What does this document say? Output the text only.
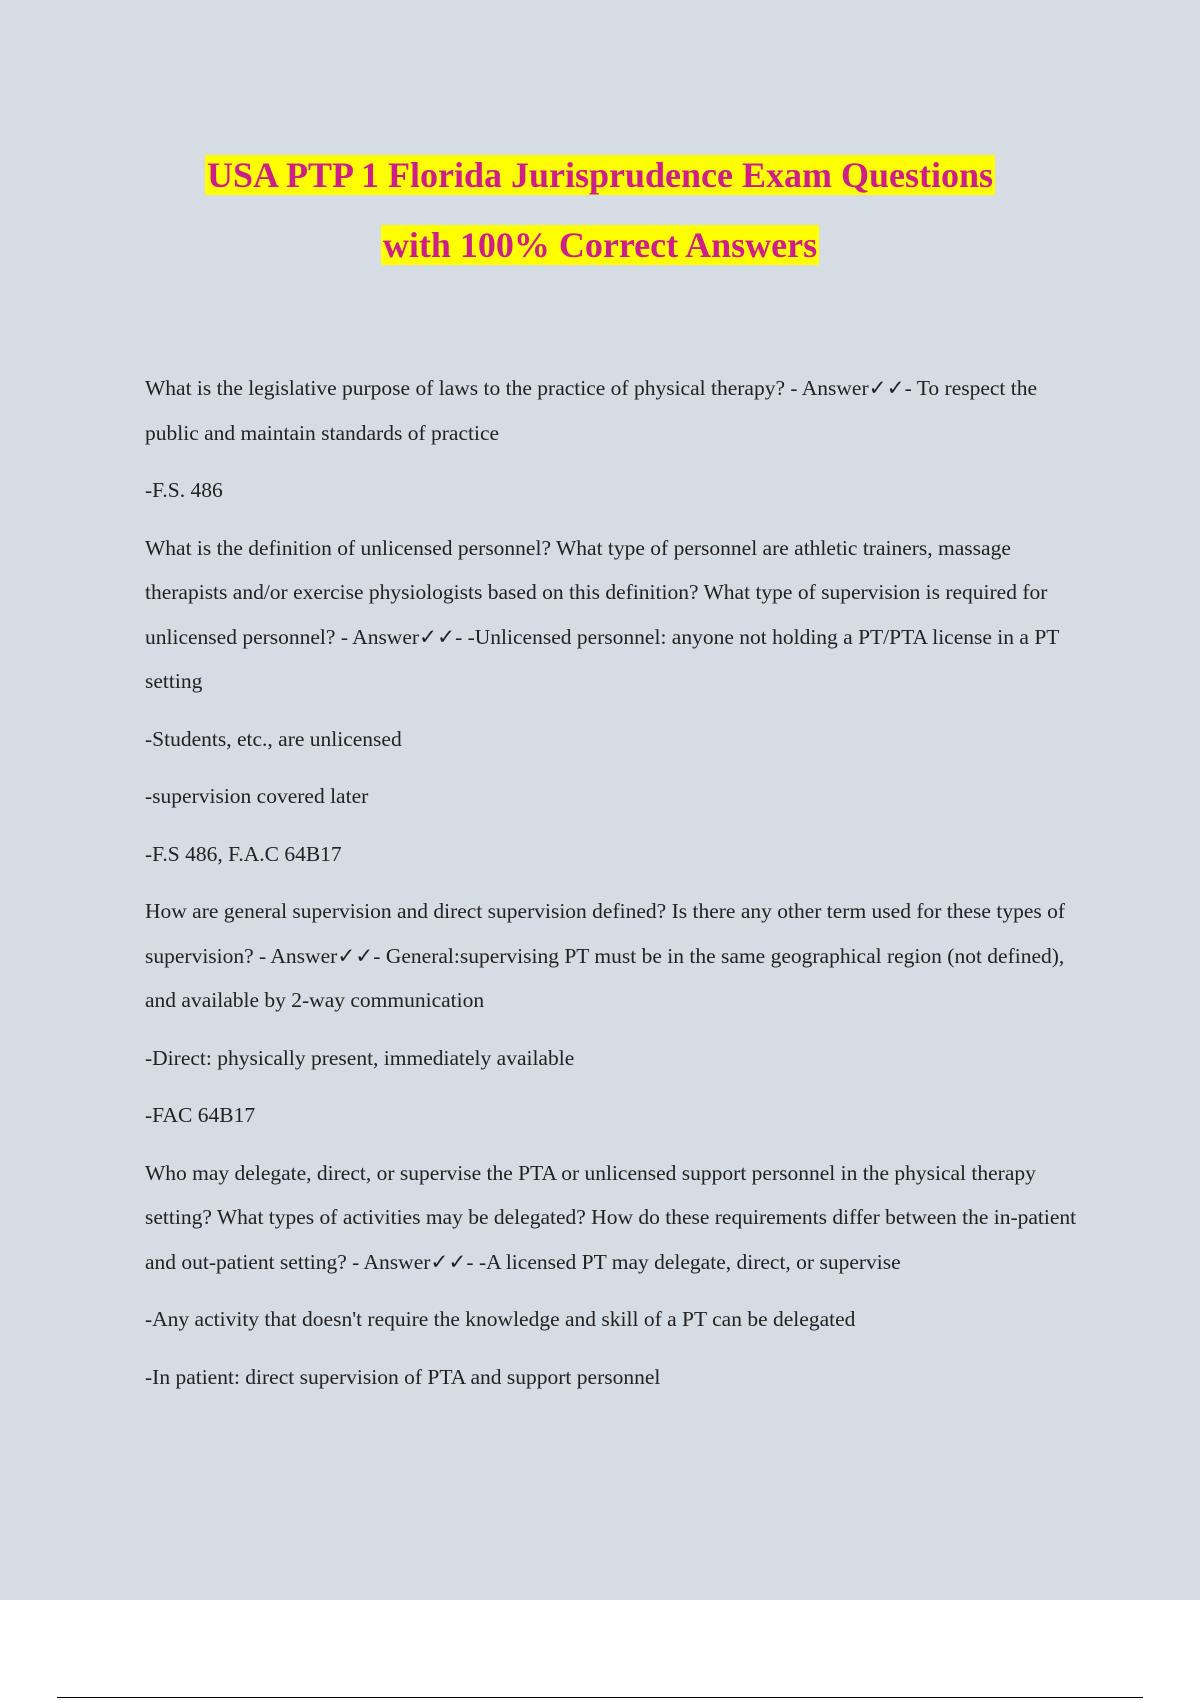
USA PTP 1 Florida Jurisprudence Exam Questions
with 100% Correct Answers

What is the legislative purpose of laws to the practice of physical therapy? - Answer✓✓- To respect the public and maintain standards of practice

-F.S. 486

What is the definition of unlicensed personnel? What type of personnel are athletic trainers, massage therapists and/or exercise physiologists based on this definition? What type of supervision is required for unlicensed personnel? - Answer✓✓- -Unlicensed personnel: anyone not holding a PT/PTA license in a PT setting

-Students, etc., are unlicensed

-supervision covered later

-F.S 486, F.A.C 64B17

How are general supervision and direct supervision defined? Is there any other term used for these types of supervision? - Answer✓✓- General:supervising PT must be in the same geographical region (not defined), and available by 2-way communication

-Direct: physically present, immediately available

-FAC 64B17

Who may delegate, direct, or supervise the PTA or unlicensed support personnel in the physical therapy setting? What types of activities may be delegated? How do these requirements differ between the in-patient and out-patient setting? - Answer✓✓- -A licensed PT may delegate, direct, or supervise

-Any activity that doesn't require the knowledge and skill of a PT can be delegated

-In patient: direct supervision of PTA and support personnel
